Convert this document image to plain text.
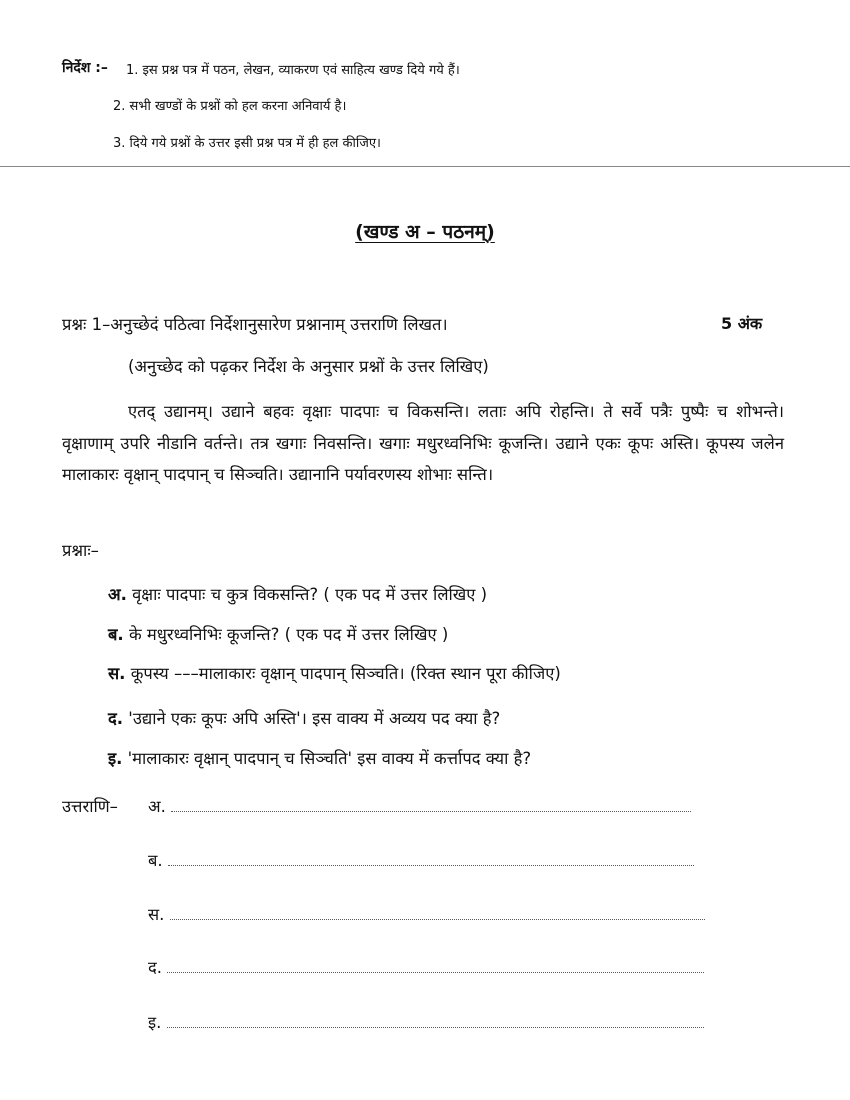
निर्देश :– 1. इस प्रश्न पत्र में पठन, लेखन, व्याकरण एवं साहित्य खण्ड दिये गये हैं।
2. सभी खण्डों के प्रश्नों को हल करना अनिवार्य है।
3. दिये गये प्रश्नों के उत्तर इसी प्रश्न पत्र में ही हल कीजिए।
(खण्ड अ – पठनम्)
प्रश्नः 1–अनुच्छेदं पठित्वा निर्देशानुसारेण प्रश्नानाम् उत्तराणि लिखत।	5 अंक
(अनुच्छेद को पढ़कर निर्देश के अनुसार प्रश्नों के उत्तर लिखिए)
एतद् उद्यानम्। उद्याने बहवः वृक्षाः पादपाः च विकसन्ति। लताः अपि रोहन्ति। ते सर्वे पत्रैः पुष्पैः च शोभन्ते। वृक्षाणाम् उपरि नीडानि वर्तन्ते। तत्र खगाः निवसन्ति। खगाः मधुरध्वनिभिः कूजन्ति। उद्याने एकः कूपः अस्ति। कूपस्य जलेन मालाकारः वृक्षान् पादपान् च सिञ्चति। उद्यानानि पर्यावरणस्य शोभाः सन्ति।
प्रश्नाः–
अ. वृक्षाः पादपाः च कुत्र विकसन्ति? ( एक पद में उत्तर लिखिए )
ब. के मधुरध्वनिभिः कूजन्ति? ( एक पद में उत्तर लिखिए )
स. कूपस्य –––मालाकारः वृक्षान् पादपान् सिञ्चति। (रिक्त स्थान पूरा कीजिए)
द. 'उद्याने एकः कूपः अपि अस्ति'। इस वाक्य में अव्यय पद क्या है?
इ. 'मालाकारः वृक्षान् पादपान् च सिञ्चति' इस वाक्य में कर्त्तापद क्या है?
उत्तराणि– अ.
ब.
स.
द.
इ.
